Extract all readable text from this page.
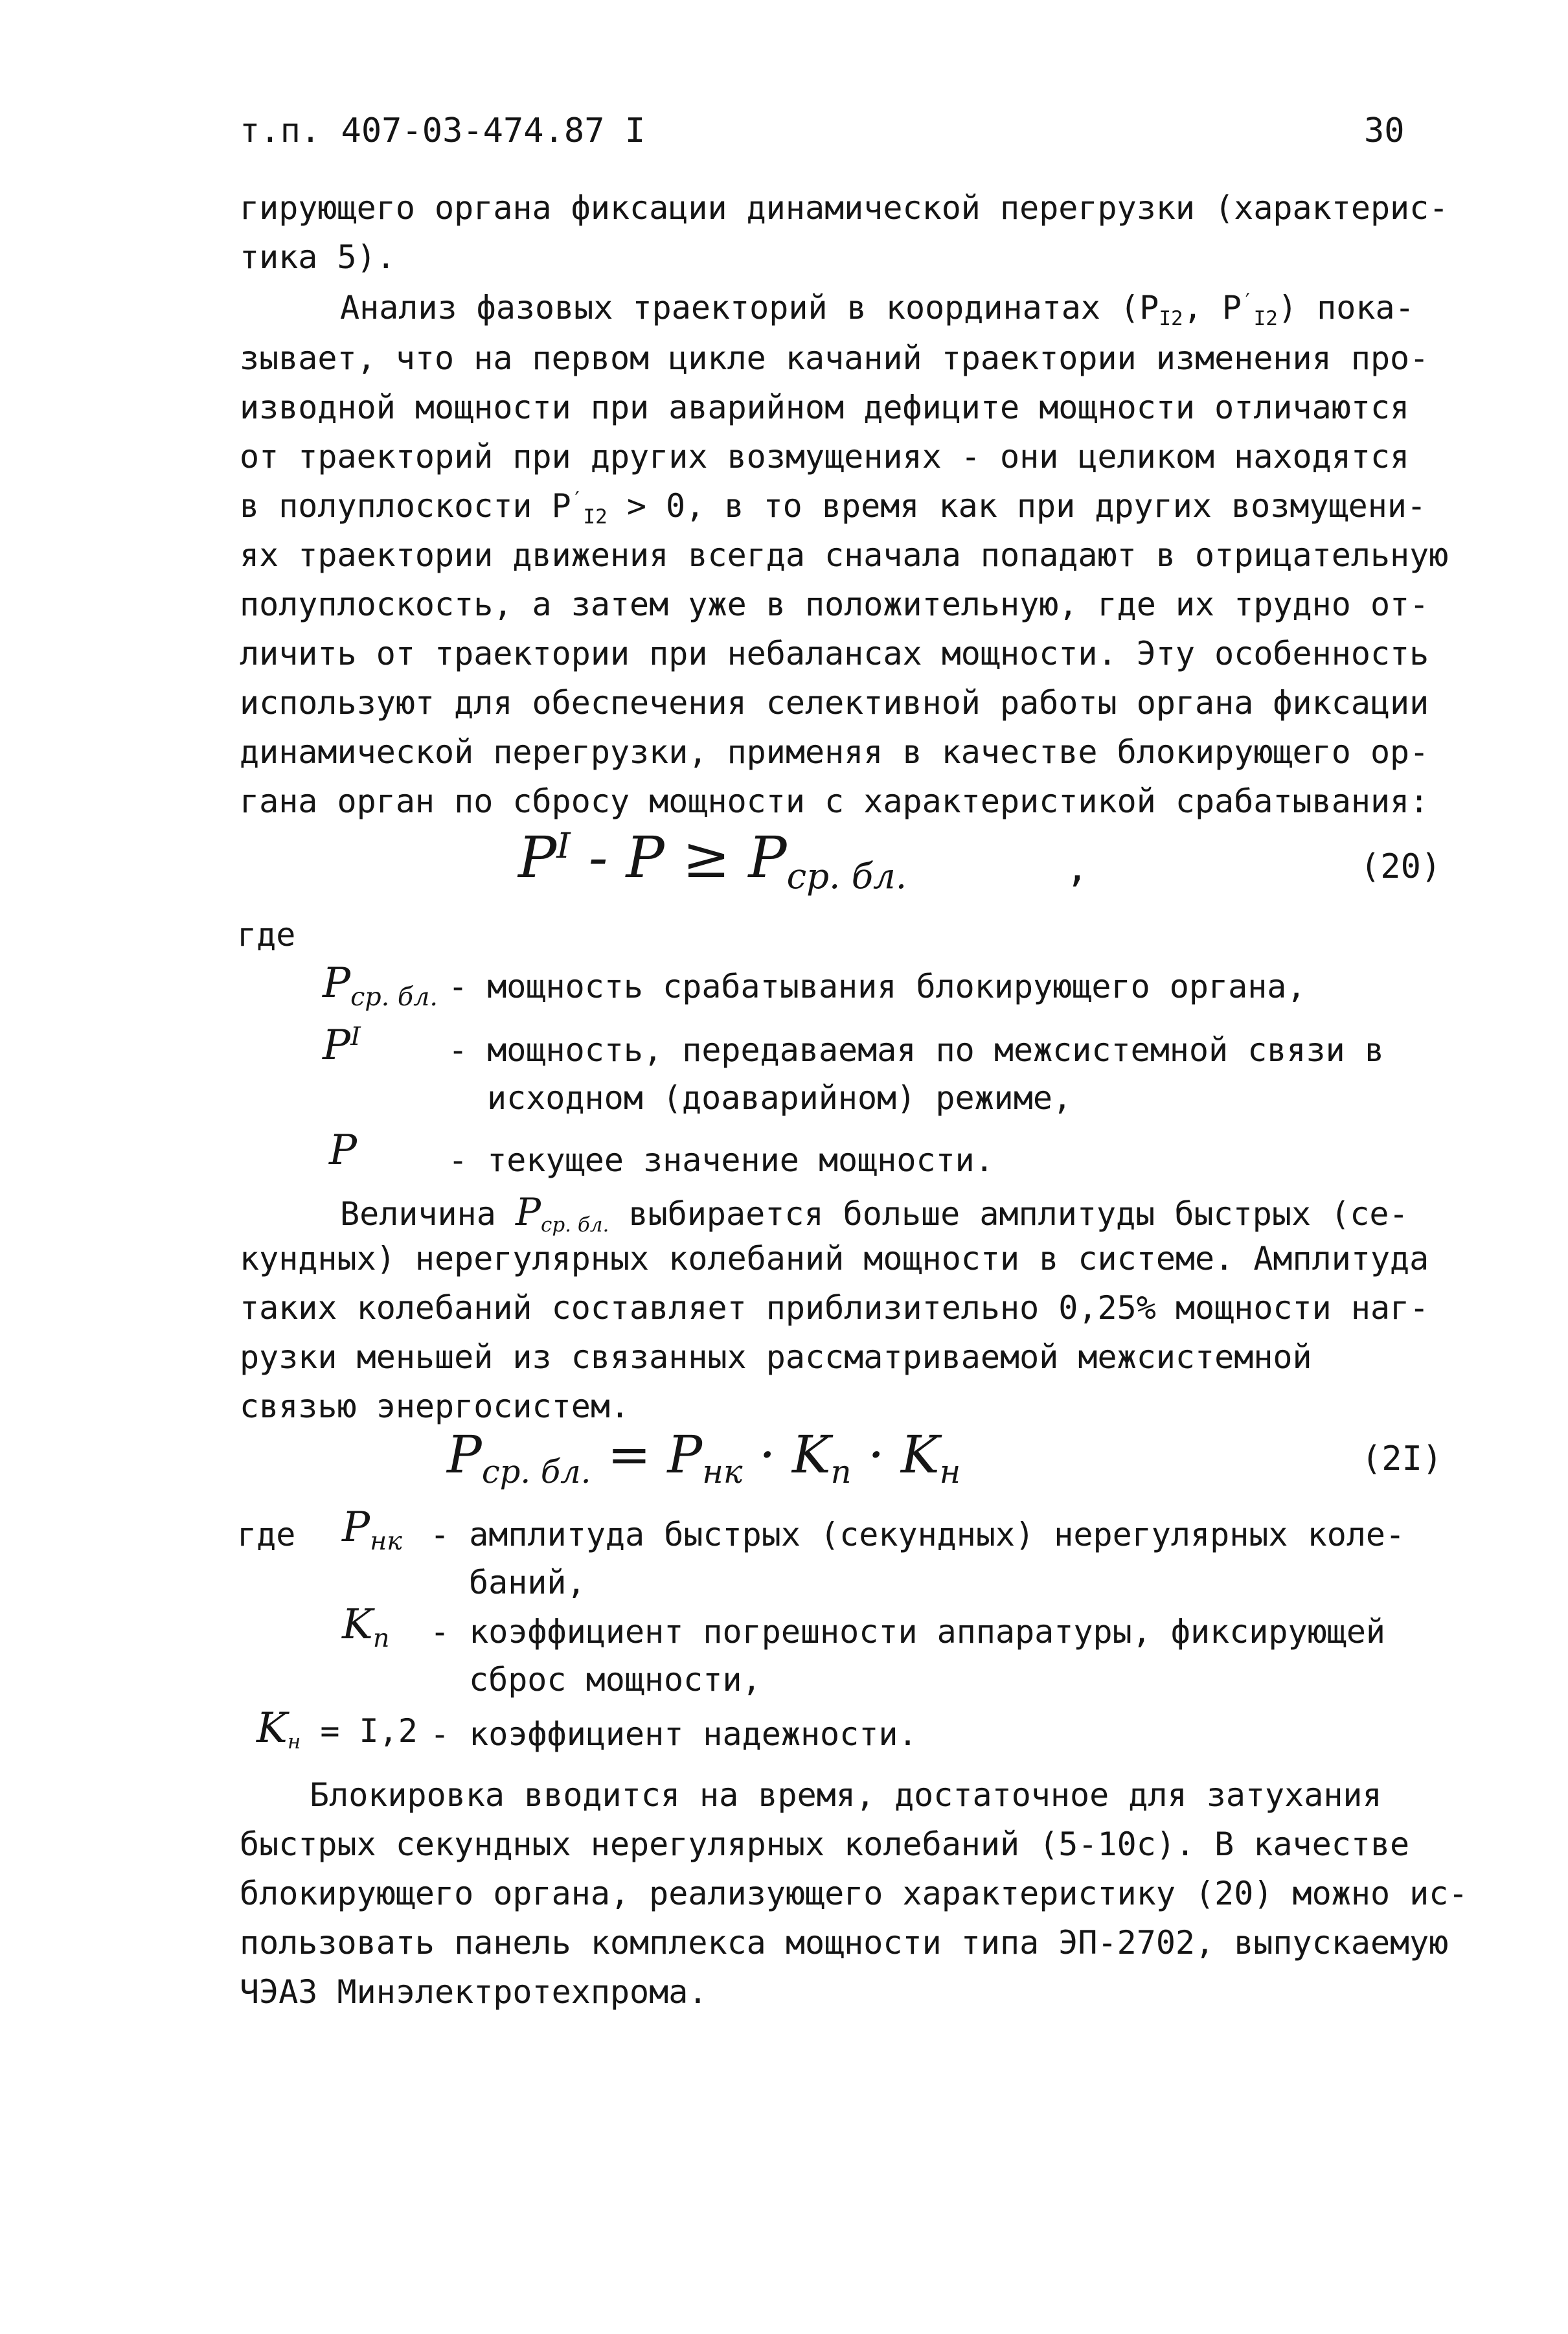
т.п. 407-03-474.87 I	30
гирующего органа фиксации динамической перегрузки (характерис-
тика 5).
Анализ фазовых траекторий в координатах (PI2, P′I2) пока-
зывает, что на первом цикле качаний траектории изменения про-
изводной мощности при аварийном дефиците мощности отличаются
от траекторий при других возмущениях - они целиком находятся
в полуплоскости P′I2 > 0, в то время как при других возмущени-
ях траектории движения всегда сначала попадают в отрицательную
полуплоскость, а затем уже в положительную, где их трудно от-
личить от траектории при небалансах мощности. Эту особенность
используют для обеспечения селективной работы органа фиксации
динамической перегрузки, применяя в качестве блокирующего ор-
гана орган по сбросу мощности с характеристикой срабатывания:
$P^I$ - P ≥ Pср. бл.	,	(20)
где
Pср. бл. - мощность срабатывания блокирующего органа,
$P^I$	- мощность, передаваемая по межсистемной связи в
исходном (доаварийном) режиме,
P	- текущее значение мощности.
Величина Pср. бл. выбирается больше амплитуды быстрых (се-
кундных) нерегулярных колебаний мощности в системе. Амплитуда
таких колебаний составляет приблизительно 0,25% мощности наг-
рузки меньшей из связанных рассматриваемой межсистемной
связью энергосистем.
Pср. бл. = Pнк · Kп · Kн	(2I)
где Pнк - амплитуда быстрых (секундных) нерегулярных коле-
баний,
Kп - коэффициент погрешности аппаратуры, фиксирующей
сброс мощности,
Kн = I,2 - коэффициент надежности.
Блокировка вводится на время, достаточное для затухания
быстрых секундных нерегулярных колебаний (5-10с). В качестве
блокирующего органа, реализующего характеристику (20) можно ис-
пользовать панель комплекса мощности типа ЭП-2702, выпускаемую
ЧЭАЗ Минэлектротехпрома.
